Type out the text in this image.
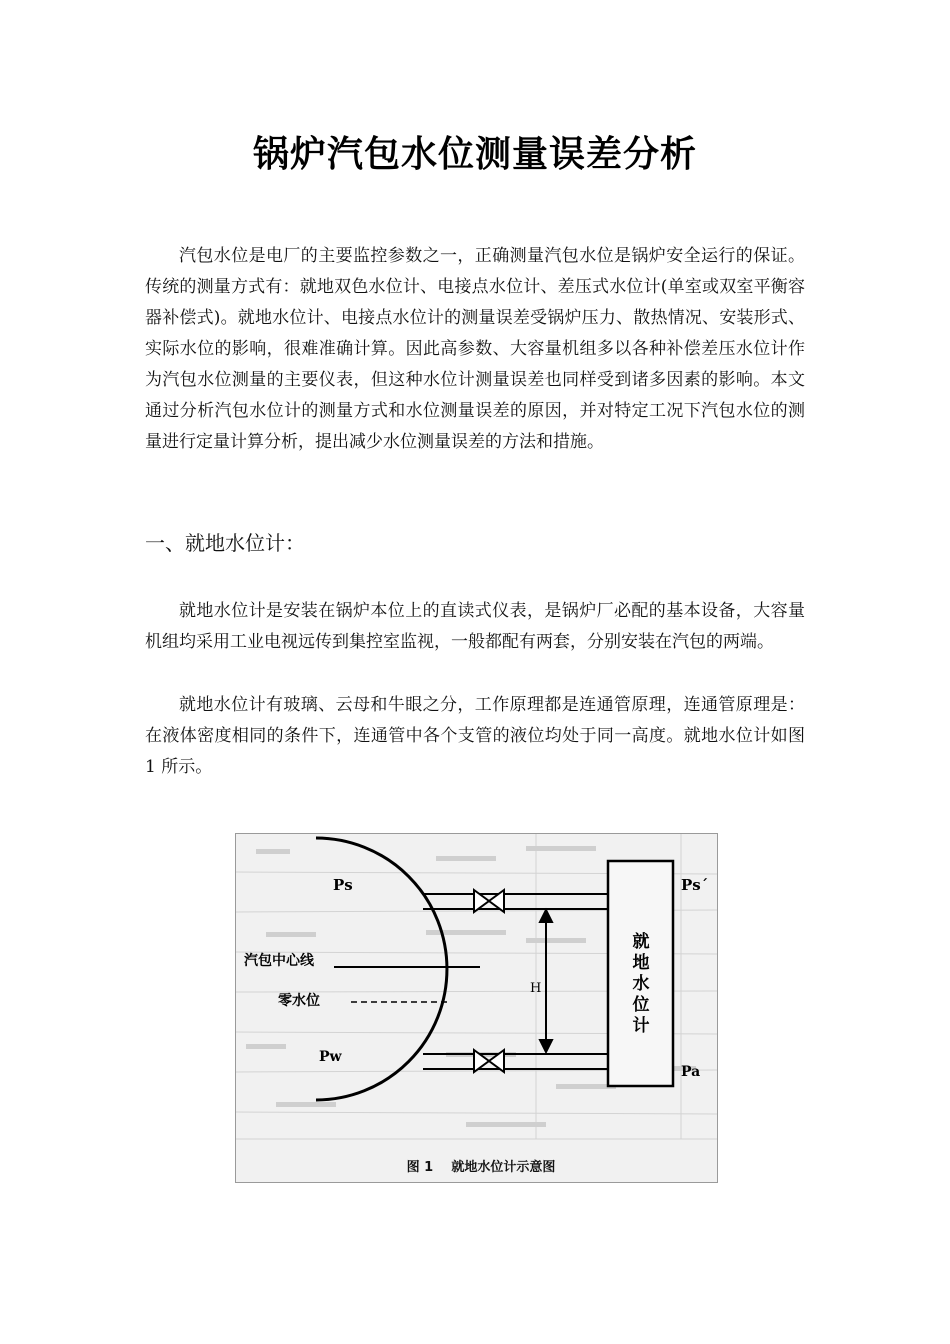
锅炉汽包水位测量误差分析

汽包水位是电厂的主要监控参数之一，正确测量汽包水位是锅炉安全运行的保证。传统的测量方式有：就地双色水位计、电接点水位计、差压式水位计(单室或双室平衡容器补偿式)。就地水位计、电接点水位计的测量误差受锅炉压力、散热情况、安装形式、实际水位的影响，很难准确计算。因此高参数、大容量机组多以各种补偿差压水位计作为汽包水位测量的主要仪表，但这种水位计测量误差也同样受到诸多因素的影响。本文通过分析汽包水位计的测量方式和水位测量误差的原因，并对特定工况下汽包水位的测量进行定量计算分析，提出减少水位测量误差的方法和措施。

一、就地水位计：

就地水位计是安装在锅炉本位上的直读式仪表，是锅炉厂必配的基本设备，大容量机组均采用工业电视远传到集控室监视，一般都配有两套，分别安装在汽包的两端。

就地水位计有玻璃、云母和牛眼之分，工作原理都是连通管原理，连通管原理是：在液体密度相同的条件下，连通管中各个支管的液位均处于同一高度。就地水位计如图 1 所示。

Ps	Ps´
Pw
Pa
H
汽包中心线
零水位
就
地
水
位
计
图 1    就地水位计示意图
